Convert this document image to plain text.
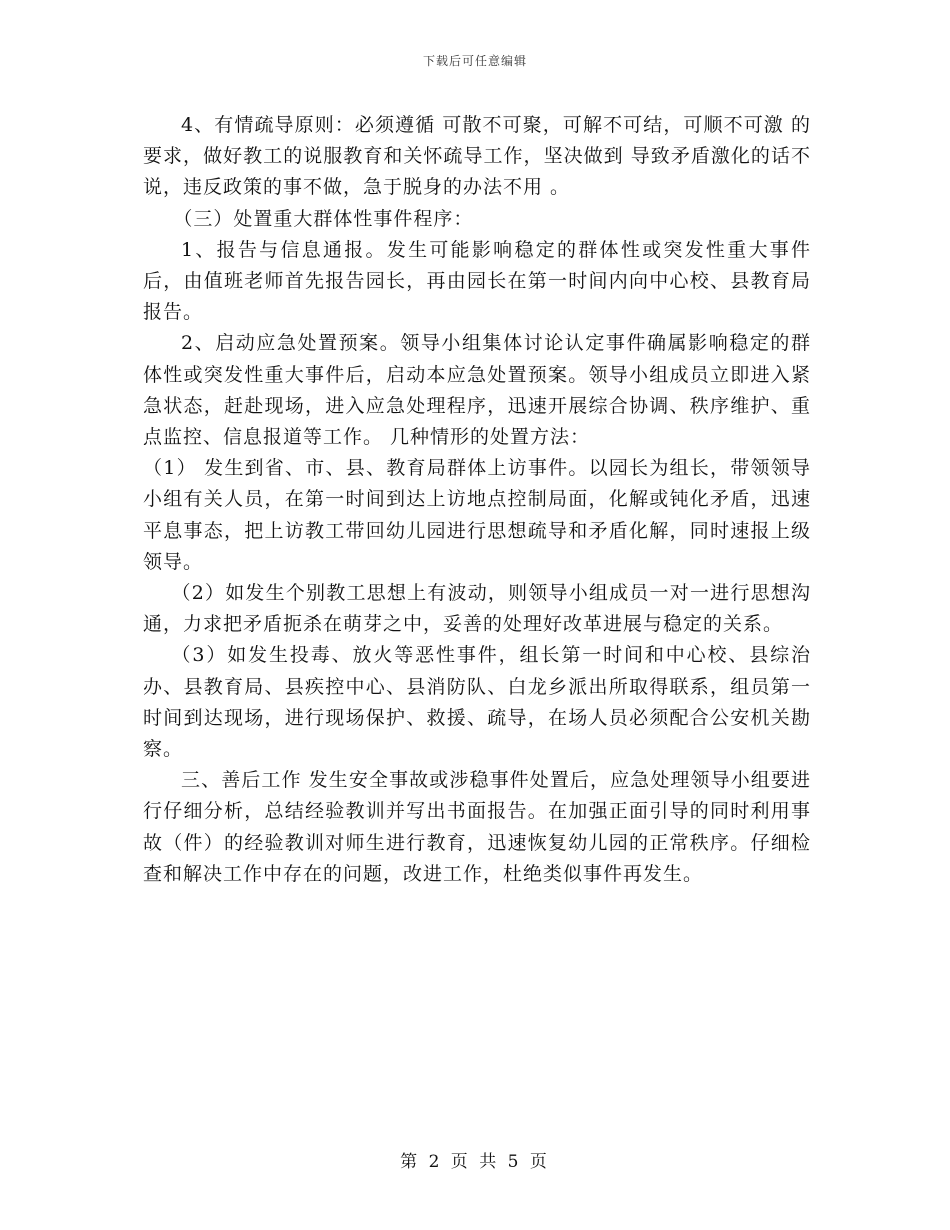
下载后可任意编辑

4、有情疏导原则：必须遵循 可散不可聚，可解不可结，可顺不可激 的要求，做好教工的说服教育和关怀疏导工作，坚决做到 导致矛盾激化的话不说，违反政策的事不做，急于脱身的办法不用 。

（三）处置重大群体性事件程序：

1、报告与信息通报。发生可能影响稳定的群体性或突发性重大事件后，由值班老师首先报告园长，再由园长在第一时间内向中心校、县教育局报告。

2、启动应急处置预案。领导小组集体讨论认定事件确属影响稳定的群体性或突发性重大事件后，启动本应急处置预案。领导小组成员立即进入紧急状态，赶赴现场，进入应急处理程序，迅速开展综合协调、秩序维护、重点监控、信息报道等工作。 几种情形的处置方法：

（1） 发生到省、市、县、教育局群体上访事件。以园长为组长，带领领导小组有关人员，在第一时间到达上访地点控制局面，化解或钝化矛盾，迅速平息事态，把上访教工带回幼儿园进行思想疏导和矛盾化解，同时速报上级领导。

（2）如发生个别教工思想上有波动，则领导小组成员一对一进行思想沟通，力求把矛盾扼杀在萌芽之中，妥善的处理好改革进展与稳定的关系。

（3）如发生投毒、放火等恶性事件，组长第一时间和中心校、县综治办、县教育局、县疾控中心、县消防队、白龙乡派出所取得联系，组员第一时间到达现场，进行现场保护、救援、疏导，在场人员必须配合公安机关勘察。

三、善后工作 发生安全事故或涉稳事件处置后，应急处理领导小组要进行仔细分析，总结经验教训并写出书面报告。在加强正面引导的同时利用事故（件）的经验教训对师生进行教育，迅速恢复幼儿园的正常秩序。仔细检查和解决工作中存在的问题，改进工作，杜绝类似事件再发生。

第 2 页 共 5 页
